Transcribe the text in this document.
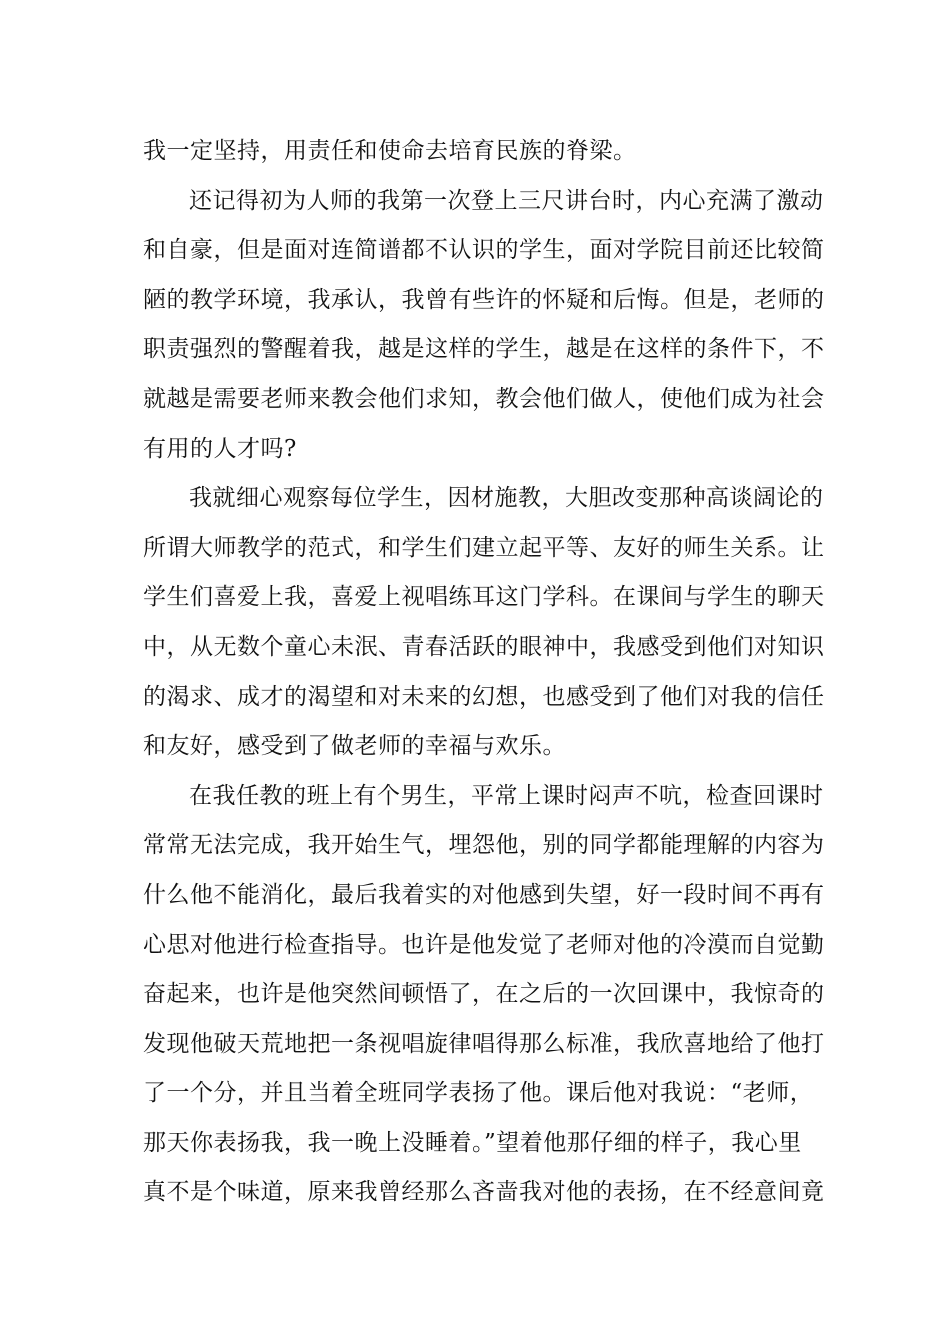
我一定坚持，用责任和使命去培育民族的脊梁。
还记得初为人师的我第一次登上三尺讲台时，内心充满了激动
和自豪，但是面对连简谱都不认识的学生，面对学院目前还比较简
陋的教学环境，我承认，我曾有些许的怀疑和后悔。但是，老师的
职责强烈的警醒着我，越是这样的学生，越是在这样的条件下，不
就越是需要老师来教会他们求知，教会他们做人，使他们成为社会
有用的人才吗?
我就细心观察每位学生，因材施教，大胆改变那种高谈阔论的
所谓大师教学的范式，和学生们建立起平等、友好的师生关系。让
学生们喜爱上我，喜爱上视唱练耳这门学科。在课间与学生的聊天
中，从无数个童心未泯、青春活跃的眼神中，我感受到他们对知识
的渴求、成才的渴望和对未来的幻想，也感受到了他们对我的信任
和友好，感受到了做老师的幸福与欢乐。
在我任教的班上有个男生，平常上课时闷声不吭，检查回课时
常常无法完成，我开始生气，埋怨他，别的同学都能理解的内容为
什么他不能消化，最后我着实的对他感到失望，好一段时间不再有
心思对他进行检查指导。也许是他发觉了老师对他的冷漠而自觉勤
奋起来，也许是他突然间顿悟了，在之后的一次回课中，我惊奇的
发现他破天荒地把一条视唱旋律唱得那么标准，我欣喜地给了他打
了一个分，并且当着全班同学表扬了他。课后他对我说：“老师，
那天你表扬我，我一晚上没睡着。”望着他那仔细的样子，我心里
真不是个味道，原来我曾经那么吝啬我对他的表扬，在不经意间竟
